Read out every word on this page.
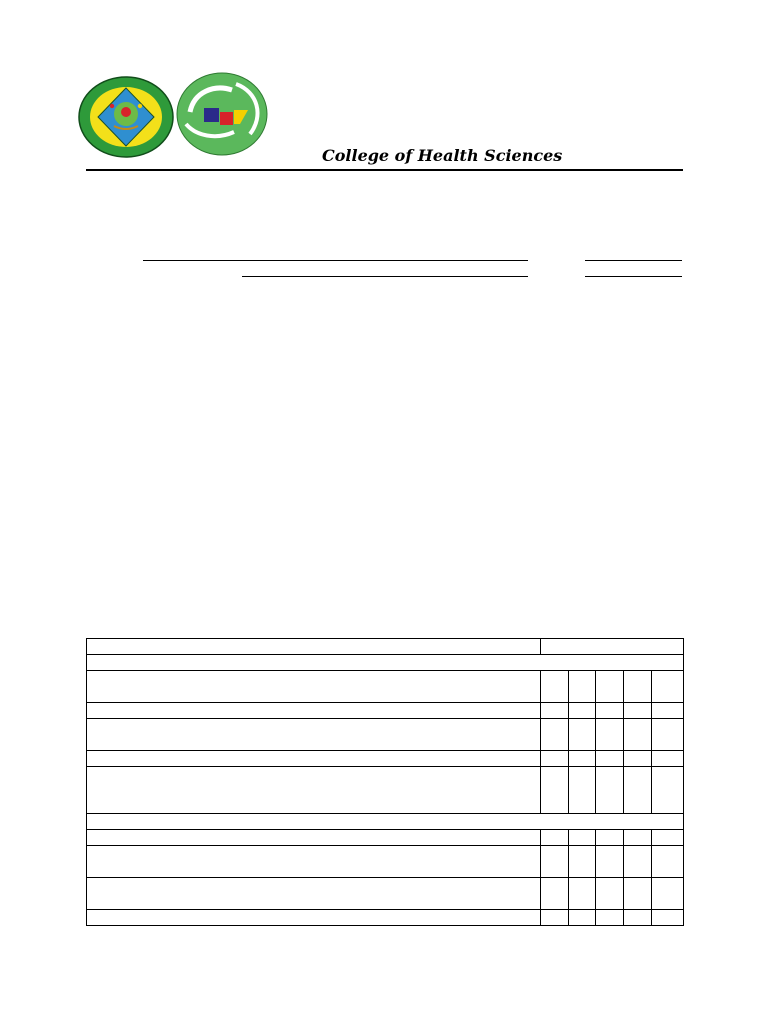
College of Health Sciences
